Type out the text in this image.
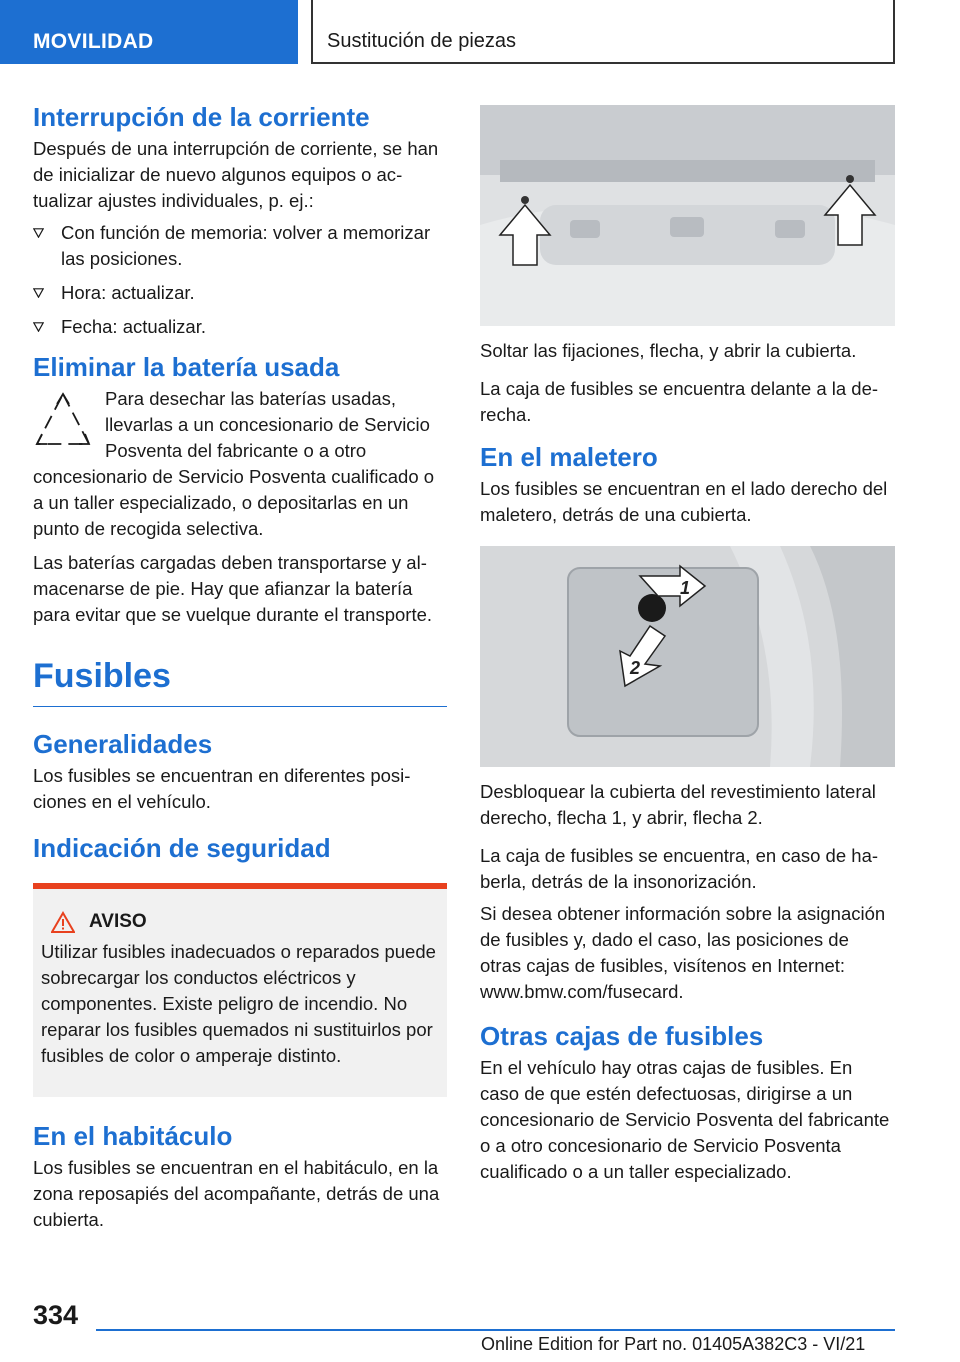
MOVILIDAD	Sustitución de piezas
Interrupción de la corriente

Después de una interrupción de corriente, se han de inicializar de nuevo algunos equipos o actualizar ajustes individuales, p. ej.:

Con función de memoria: volver a memorizar las posiciones.
Hora: actualizar.
Fecha: actualizar.
Eliminar la batería usada

Para desechar las baterías usadas, llevarlas a un concesionario de Servicio Posventa del fabricante o a otro concesionario de Servicio Posventa cualificado o a un taller especializado, o depositarlas en un punto de recogida selectiva.

Las baterías cargadas deben transportarse y almacenarse de pie. Hay que afianzar la batería para evitar que se vuelque durante el transporte.

Fusibles
Generalidades

Los fusibles se encuentran en diferentes posiciones en el vehículo.

Indicación de seguridad
AVISO

Utilizar fusibles inadecuados o reparados puede sobrecargar los conductos eléctricos y componentes. Existe peligro de incendio. No reparar los fusibles quemados ni sustituirlos por fusibles de color o amperaje distinto.

En el habitáculo

Los fusibles se encuentran en el habitáculo, en la zona reposapiés del acompañante, detrás de una cubierta.

Soltar las fijaciones, flecha, y abrir la cubierta.

La caja de fusibles se encuentra delante a la derecha.

En el maletero

Los fusibles se encuentran en el lado derecho del maletero, detrás de una cubierta.

1
2

Desbloquear la cubierta del revestimiento lateral derecho, flecha 1, y abrir, flecha 2.

La caja de fusibles se encuentra, en caso de haberla, detrás de la insonorización.

Si desea obtener información sobre la asignación de fusibles y, dado el caso, las posiciones de otras cajas de fusibles, visítenos en Internet: www.bmw.com/fusecard.

Otras cajas de fusibles

En el vehículo hay otras cajas de fusibles. En caso de que estén defectuosas, dirigirse a un concesionario de Servicio Posventa del fabricante o a otro concesionario de Servicio Posventa cualificado o a un taller especializado.

334
Online Edition for Part no. 01405A382C3 - VI/21
